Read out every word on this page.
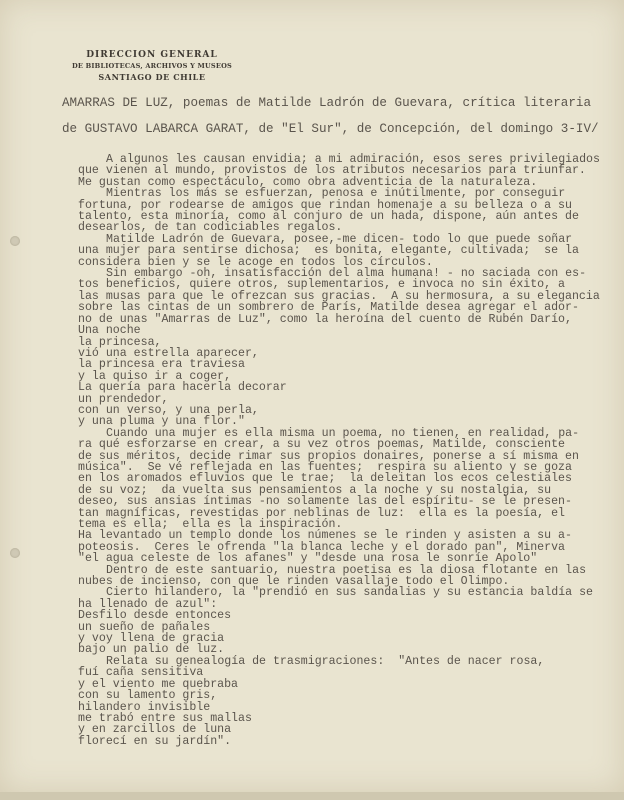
DIRECCION GENERAL
DE BIBLIOTECAS, ARCHIVOS Y MUSEOS
SANTIAGO DE CHILE
AMARRAS DE LUZ, poemas de Matilde Ladrón de Guevara, crítica literaria
de GUSTAVO LABARCA GARAT, de "El Sur", de Concepción, del domingo 3-IV/
A algunos les causan envidia; a mi admiración, esos seres privilegiados
que vienen al mundo, provistos de los atributos necesarios para triunfar.
Me gustan como espectáculo, como obra adventicia de la naturaleza.
Mientras los más se esfuerzan, penosa e inútilmente, por conseguir
fortuna, por rodearse de amigos que rindan homenaje a su belleza o a su
talento, esta minoría, como al conjuro de un hada, dispone, aún antes de
desearlos, de tan codiciables regalos.
Matilde Ladrón de Guevara, posee,-me dicen- todo lo que puede soñar
una mujer para sentirse dichosa;  es bonita, elegante, cultivada;  se la
considera bien y se le acoge en todos los círculos.
Sin embargo -oh, insatisfacción del alma humana! - no saciada con es-
tos beneficios, quiere otros, suplementarios, e invoca no sin éxito, a
las musas para que le ofrezcan sus gracias.  A su hermosura, a su elegancia
sobre las cintas de un sombrero de París, Matilde desea agregar el ador-
no de unas "Amarras de Luz", como la heroína del cuento de Rubén Darío,
Una noche
la princesa,
vió una estrella aparecer,
la princesa era traviesa
y la quiso ir a coger,
La quería para hacerla decorar
un prendedor,
con un verso, y una perla,
y una pluma y una flor."
Cuando una mujer es ella misma un poema, no tienen, en realidad, pa-
ra qué esforzarse en crear, a su vez otros poemas, Matilde, consciente
de sus méritos, decide rimar sus propios donaires, ponerse a sí misma en
música".  Se vé reflejada en las fuentes;  respira su aliento y se goza
en los aromados efluvios que le trae;  la deleitan los ecos celestiales
de su voz;  da vuelta sus pensamientos a la noche y su nostalgia, su
deseo, sus ansias íntimas -no solamente las del espíritu- se le presen-
tan magníficas, revestidas por neblinas de luz:  ella es la poesía, el
tema es ella;  ella es la inspiración.
Ha levantado un templo donde los númenes se le rinden y asisten a su a-
poteosis.  Ceres le ofrenda "la blanca leche y el dorado pan", Minerva
"el agua celeste de los afanes" y "desde una rosa le sonríe Apolo"
Dentro de este santuario, nuestra poetisa es la diosa flotante en las
nubes de incienso, con que le rinden vasallaje todo el Olimpo.
Cierto hilandero, la "prendió en sus sandalias y su estancia baldía se
ha llenado de azul":
Desfilo desde entonces
un sueño de pañales
y voy llena de gracia
bajo un palio de luz.
Relata su genealogía de trasmigraciones:  "Antes de nacer rosa,
fuí caña sensitiva
y el viento me quebraba
con su lamento gris,
hilandero invisible
me trabó entre sus mallas
y en zarcillos de luna
florecí en su jardín".
